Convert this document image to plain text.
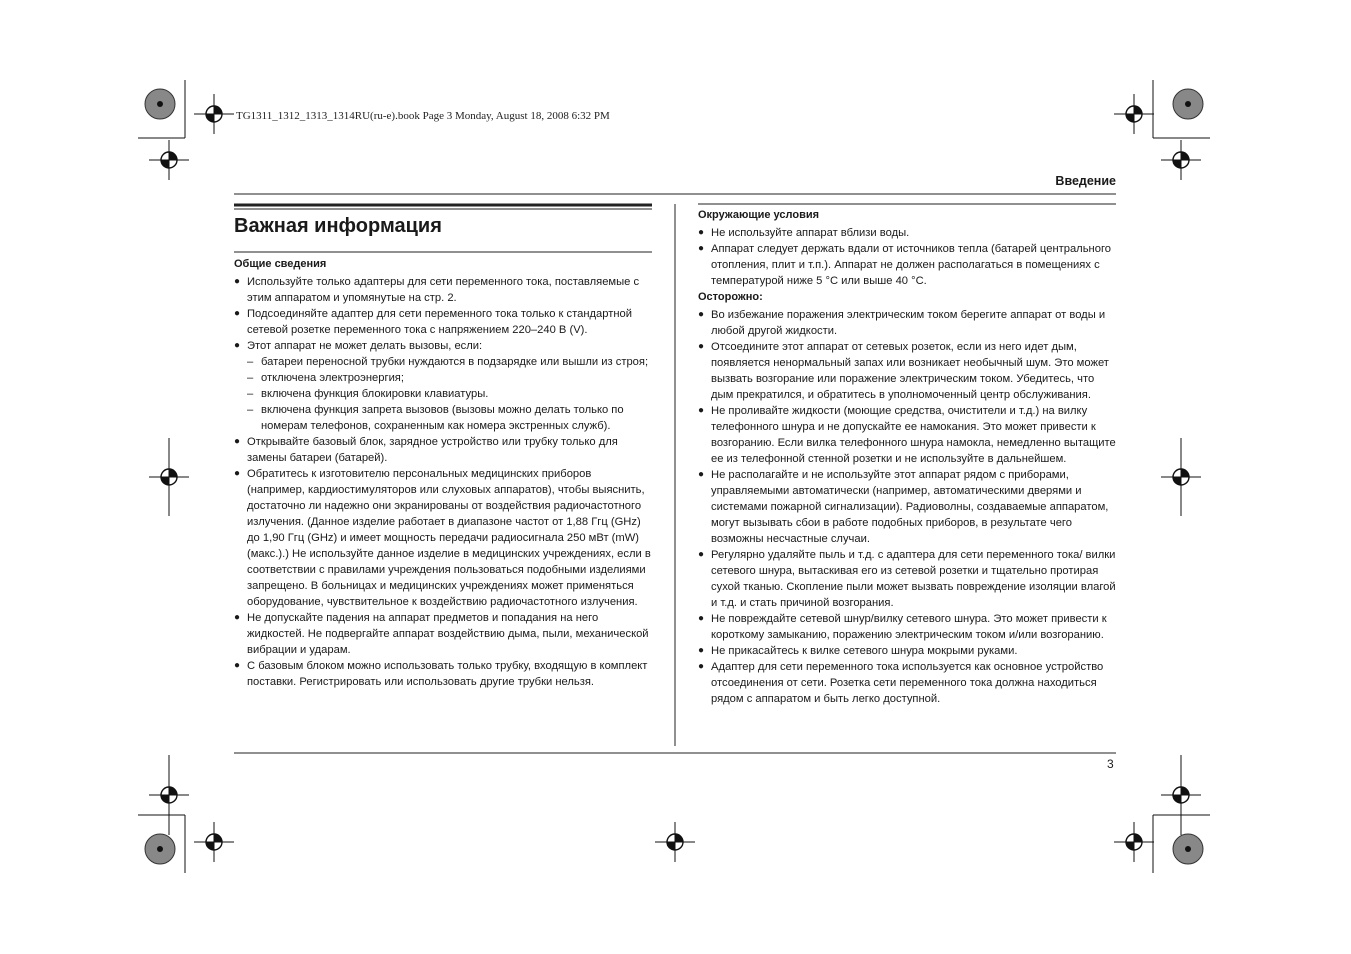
TG1311_1312_1313_1314RU(ru-e).book Page 3 Monday, August 18, 2008 6:32 PM
Введение
Важная информация
Общие сведения
● Используйте только адаптеры для сети переменного тока, поставляемые с этим аппаратом и упомянутые на стр. 2.
● Подсоединяйте адаптер для сети переменного тока только к стандартной сетевой розетке переменного тока с напряжением 220–240 В (V).
● Этот аппарат не может делать вызовы, если:
– батареи переносной трубки нуждаются в подзарядке или вышли из строя;
– отключена электроэнергия;
– включена функция блокировки клавиатуры.
– включена функция запрета вызовов (вызовы можно делать только по номерам телефонов, сохраненным как номера экстренных служб).
● Открывайте базовый блок, зарядное устройство или трубку только для замены батареи (батарей).
● Обратитесь к изготовителю персональных медицинских приборов (например, кардиостимуляторов или слуховых аппаратов), чтобы выяснить, достаточно ли надежно они экранированы от воздействия радиочастотного излучения. (Данное изделие работает в диапазоне частот от 1,88 Ггц (GHz) до 1,90 Ггц (GHz) и имеет мощность передачи радиосигнала 250 мВт (mW) (макс.).) Не используйте данное изделие в медицинских учреждениях, если в соответствии с правилами учреждения пользоваться подобными изделиями запрещено. В больницах и медицинских учреждениях может применяться оборудование, чувствительное к воздействию радиочастотного излучения.
● Не допускайте падения на аппарат предметов и попадания на него жидкостей. Не подвергайте аппарат воздействию дыма, пыли, механической вибрации и ударам.
● С базовым блоком можно использовать только трубку, входящую в комплект поставки. Регистрировать или использовать другие трубки нельзя.
Окружающие условия
● Не используйте аппарат вблизи воды.
● Аппарат следует держать вдали от источников тепла (батарей центрального отопления, плит и т.п.). Аппарат не должен располагаться в помещениях с температурой ниже 5 °C или выше 40 °C.
Осторожно:
● Во избежание поражения электрическим током берегите аппарат от воды и любой другой жидкости.
● Отсоедините этот аппарат от сетевых розеток, если из него идет дым, появляется ненормальный запах или возникает необычный шум. Это может вызвать возгорание или поражение электрическим током. Убедитесь, что дым прекратился, и обратитесь в уполномоченный центр обслуживания.
● Не проливайте жидкости (моющие средства, очистители и т.д.) на вилку телефонного шнура и не допускайте ее намокания. Это может привести к возгоранию. Если вилка телефонного шнура намокла, немедленно вытащите ее из телефонной стенной розетки и не используйте в дальнейшем.
● Не располагайте и не используйте этот аппарат рядом с приборами, управляемыми автоматически (например, автоматическими дверями и системами пожарной сигнализации). Радиоволны, создаваемые аппаратом, могут вызывать сбои в работе подобных приборов, в результате чего возможны несчастные случаи.
● Регулярно удаляйте пыль и т.д. с адаптера для сети переменного тока/ вилки сетевого шнура, вытаскивая его из сетевой розетки и тщательно протирая сухой тканью. Скопление пыли может вызвать повреждение изоляции влагой и т.д. и стать причиной возгорания.
● Не повреждайте сетевой шнур/вилку сетевого шнура. Это может привести к короткому замыканию, поражению электрическим током и/или возгоранию.
● Не прикасайтесь к вилке сетевого шнура мокрыми руками.
● Адаптер для сети переменного тока используется как основное устройство отсоединения от сети. Розетка сети переменного тока должна находиться рядом с аппаратом и быть легко доступной.
3
